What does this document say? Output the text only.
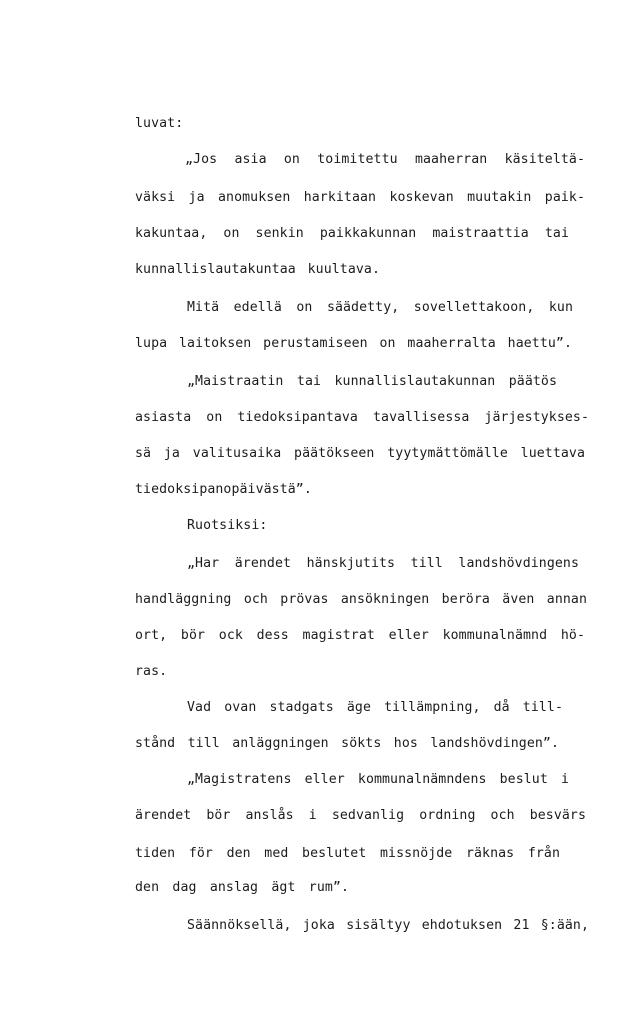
luvat:
„Jos asia on toimitettu maaherran käsiteltä-
väksi ja anomuksen harkitaan koskevan muutakin paik-
kakuntaa, on senkin paikkakunnan maistraattia tai
kunnallislautakuntaa kuultava.
Mitä edellä on säädetty, sovellettakoon, kun
lupa laitoksen perustamiseen on maaherralta haettu”.
„Maistraatin tai kunnallislautakunnan päätös
asiasta on tiedoksipantava tavallisessa järjestykses-
sä ja valitusaika päätökseen tyytymättömälle luettava
tiedoksipanopäivästä”.
Ruotsiksi:
„Har ärendet hänskjutits till landshövdingens
handläggning och prövas ansökningen beröra även annan
ort, bör ock dess magistrat eller kommunalnämnd hö-
ras.
Vad ovan stadgats äge tillämpning, då till-
stånd till anläggningen sökts hos landshövdingen”.
„Magistratens eller kommunalnämndens beslut i
ärendet bör anslås i sedvanlig ordning och besvärs
tiden för den med beslutet missnöjde räknas från
den dag anslag ägt rum”.
Säännöksellä, joka sisältyy ehdotuksen 21 §:ään,
